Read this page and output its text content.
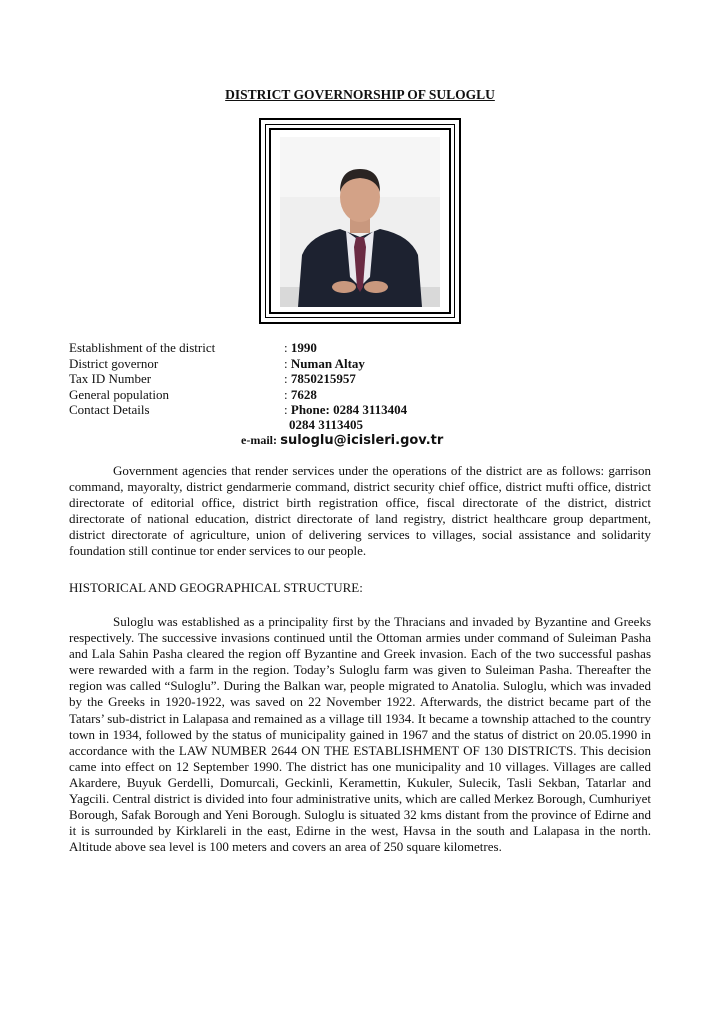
DISTRICT GOVERNORSHIP OF SULOGLU
Establishment of the district	: 1990
District governor	: Numan Altay
Tax ID Number	: 7850215957
General population	: 7628
Contact Details	: Phone: 0284 3113404
0284 3113405
e-mail: suloglu@icisleri.gov.tr

Government agencies that render services under the operations of the district are as follows: garrison command, mayoralty, district gendarmerie command, district security chief office, district mufti office, district directorate of editorial office, district birth registration office, fiscal directorate of the district, district directorate of national education, district directorate of land registry, district healthcare group department, district directorate of agriculture, union of delivering services to villages, social assistance and solidarity foundation still continue tor ender services to our people.

HISTORICAL AND GEOGRAPHICAL STRUCTURE:

Suloglu was established as a principality first by the Thracians and invaded by Byzantine and Greeks respectively. The successive invasions continued until the Ottoman armies under command of Suleiman Pasha and Lala Sahin Pasha cleared the region off Byzantine and Greek invasion. Each of the two successful pashas were rewarded with a farm in the region. Today’s Suloglu farm was given to Suleiman Pasha. Thereafter the region was called “Suloglu”. During the Balkan war, people migrated to Anatolia. Suloglu, which was invaded by the Greeks in 1920-1922, was saved on 22 November 1922. Afterwards, the district became part of the Tatars’ sub-district in Lalapasa and remained as a village till 1934. It became a township attached to the country town in 1934, followed by the status of municipality gained in 1967 and the status of district on 20.05.1990 in accordance with the LAW NUMBER 2644 ON THE ESTABLISHMENT OF 130 DISTRICTS. This decision came into effect on 12 September 1990. The district has one municipality and 10 villages. Villages are called Akardere, Buyuk Gerdelli, Domurcali, Geckinli, Keramettin, Kukuler, Sulecik, Tasli Sekban, Tatarlar and Yagcili. Central district is divided into four administrative units, which are called Merkez Borough, Cumhuriyet Borough, Safak Borough and Yeni Borough. Suloglu is situated 32 kms distant from the province of Edirne and it is surrounded by Kirklareli in the east, Edirne in the west, Havsa in the south and Lalapasa in the north. Altitude above sea level is 100 meters and covers an area of 250 square kilometres.
